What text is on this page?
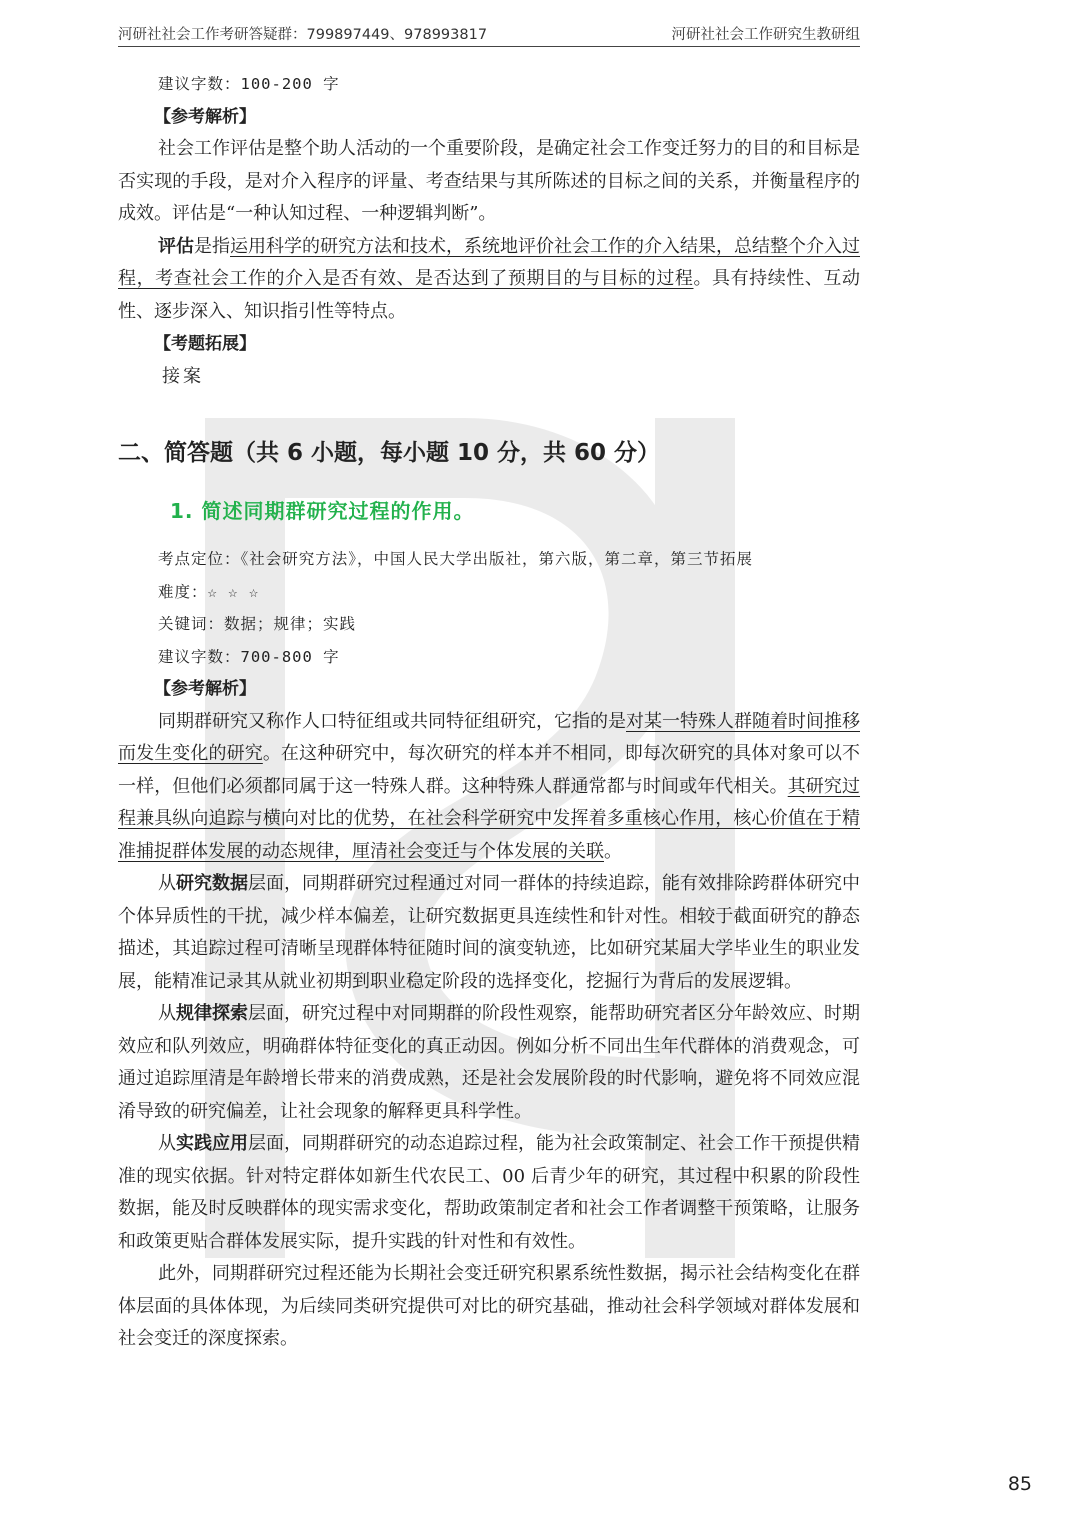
河研社社会工作考研答疑群：799897449、978993817	河研社社会工作研究生教研组
建议字数：100-200 字
【参考解析】

社会工作评估是整个助人活动的一个重要阶段，是确定社会工作变迁努力的目的和目标是否实现的手段，是对介入程序的评量、考查结果与其所陈述的目标之间的关系，并衡量程序的成效。评估是“一种认知过程、一种逻辑判断”。

评估是指运用科学的研究方法和技术，系统地评价社会工作的介入结果，总结整个介入过程，考查社会工作的介入是否有效、是否达到了预期目的与目标的过程。具有持续性、互动性、逐步深入、知识指引性等特点。

【考题拓展】
接案
二、简答题（共 6 小题，每小题 10 分，共 60 分）
1. 简述同期群研究过程的作用。
考点定位：《社会研究方法》，中国人民大学出版社，第六版，第二章，第三节拓展
难度：☆ ☆ ☆
关键词：数据；规律；实践
建议字数：700-800 字
【参考解析】

同期群研究又称作人口特征组或共同特征组研究，它指的是对某一特殊人群随着时间推移而发生变化的研究。在这种研究中，每次研究的样本并不相同，即每次研究的具体对象可以不一样，但他们必须都同属于这一特殊人群。这种特殊人群通常都与时间或年代相关。其研究过程兼具纵向追踪与横向对比的优势，在社会科学研究中发挥着多重核心作用，核心价值在于精准捕捉群体发展的动态规律，厘清社会变迁与个体发展的关联。

从研究数据层面，同期群研究过程通过对同一群体的持续追踪，能有效排除跨群体研究中个体异质性的干扰，减少样本偏差，让研究数据更具连续性和针对性。相较于截面研究的静态描述，其追踪过程可清晰呈现群体特征随时间的演变轨迹，比如研究某届大学毕业生的职业发展，能精准记录其从就业初期到职业稳定阶段的选择变化，挖掘行为背后的发展逻辑。

从规律探索层面，研究过程中对同期群的阶段性观察，能帮助研究者区分年龄效应、时期效应和队列效应，明确群体特征变化的真正动因。例如分析不同出生年代群体的消费观念，可通过追踪厘清是年龄增长带来的消费成熟，还是社会发展阶段的时代影响，避免将不同效应混淆导致的研究偏差，让社会现象的解释更具科学性。

从实践应用层面，同期群研究的动态追踪过程，能为社会政策制定、社会工作干预提供精准的现实依据。针对特定群体如新生代农民工、00 后青少年的研究，其过程中积累的阶段性数据，能及时反映群体的现实需求变化，帮助政策制定者和社会工作者调整干预策略，让服务和政策更贴合群体发展实际，提升实践的针对性和有效性。

此外，同期群研究过程还能为长期社会变迁研究积累系统性数据，揭示社会结构变化在群体层面的具体体现，为后续同类研究提供可对比的研究基础，推动社会科学领域对群体发展和社会变迁的深度探索。

85
